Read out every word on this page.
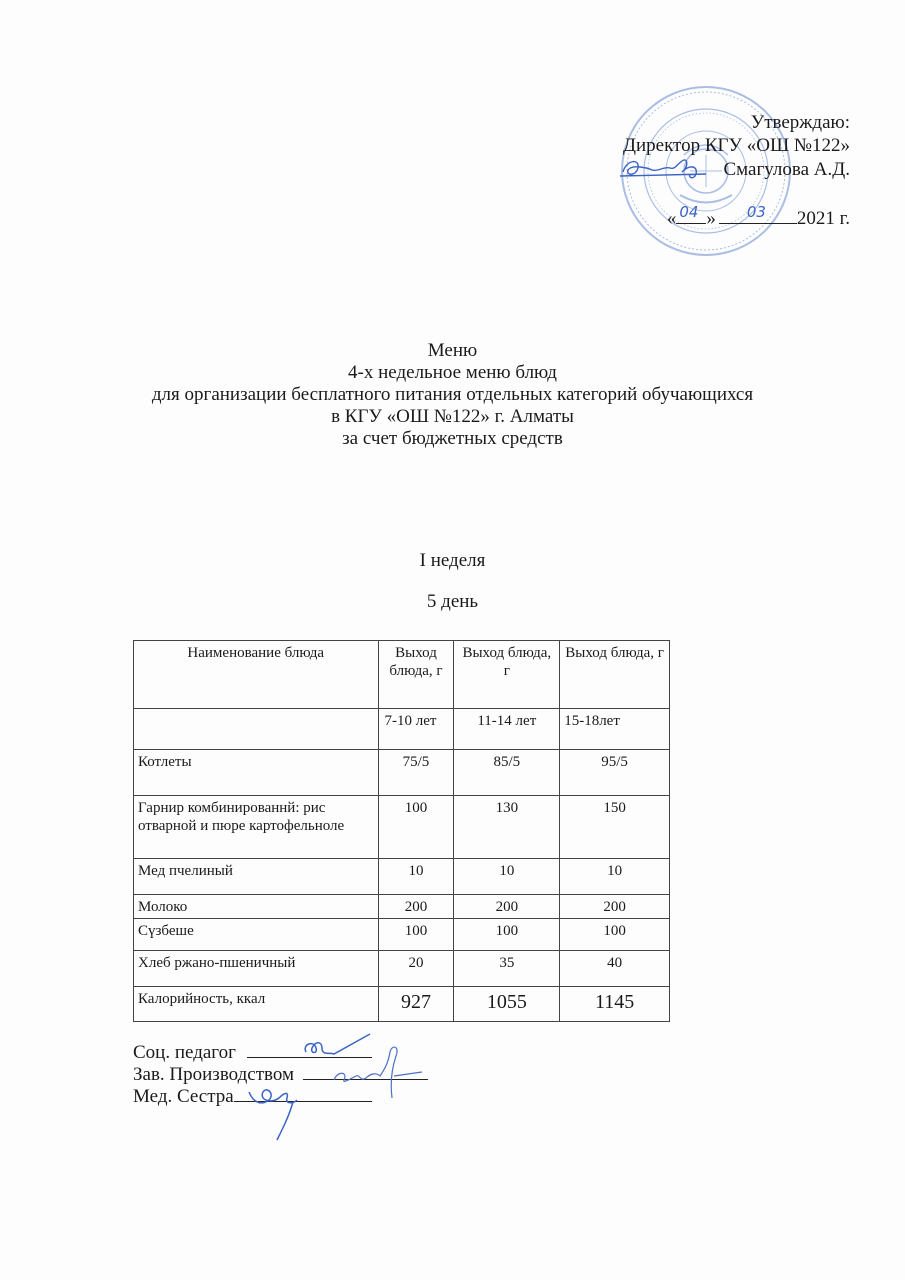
Утверждаю:
Директор КГУ «ОШ №122»
Смагулова А.Д.
« 04 » 03 2021 г.
Меню
4-х недельное меню блюд
для организации бесплатного питания отдельных категорий обучающихся
в КГУ «ОШ №122» г. Алматы
за счет бюджетных средств
I неделя
5 день
Наименование блюда	Выход блюда, г	Выход блюда, г	Выход блюда, г
	7-10 лет	11-14 лет	15-18лет
Котлеты	75/5	85/5	95/5
Гарнир комбинированнй: рис отварной и пюре картофельноле	100	130	150
Мед пчелиный	10	10	10
Молоко	200	200	200
Сүзбеше	100	100	100
Хлеб ржано-пшеничный	20	35	40
Калорийность, ккал	927	1055	1145
Соц. педагог
Зав. Производством
Мед. Сестра
